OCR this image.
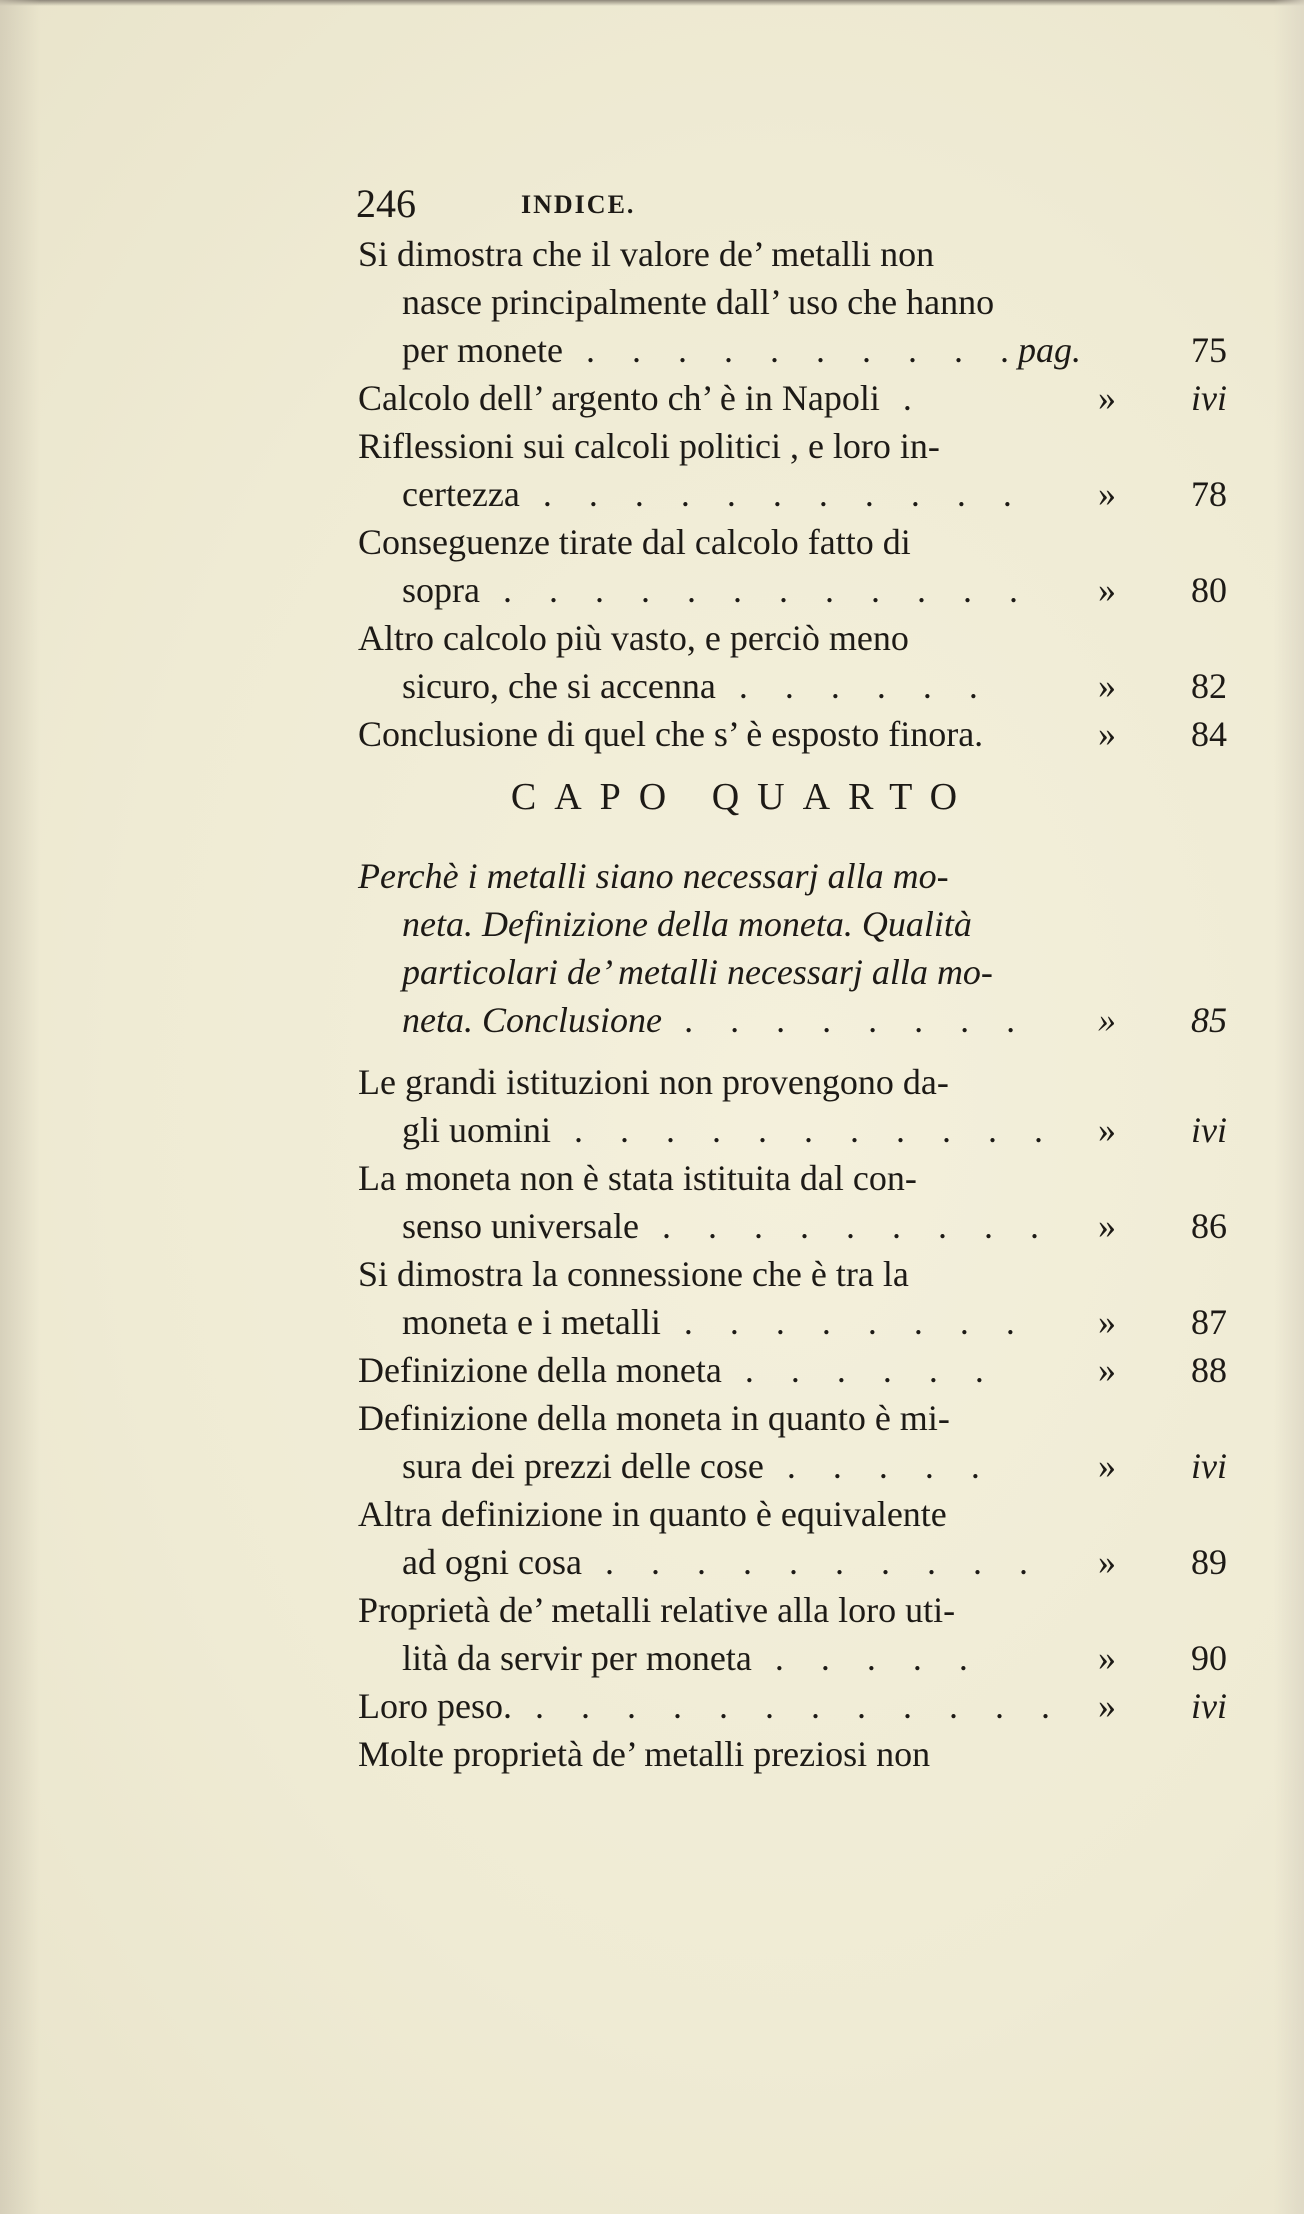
246	INDICE.
Si dimostra che il valore de’ metalli non
nasce principalmente dall’ uso che hanno
per monete . . . . . . . . . .
pag.	75
Calcolo dell’ argento ch’ è in Napoli .	»	ivi
Riflessioni sui calcoli politici , e loro in-
certezza . . . . . . . . . . . »	78
Conseguenze tirate dal calcolo fatto di
sopra . . . . . . . . . . . . »	80
Altro calcolo più vasto, e perciò meno
sicuro, che si accenna . . . . . .	»	82
Conclusione di quel che s’ è esposto finora.	»	84
CAPO QUARTO
Perchè i metalli siano necessarj alla mo-
neta. Definizione della moneta. Qualità
particolari de’ metalli necessarj alla mo-
neta. Conclusione . . . . . . . . »	85
Le grandi istituzioni non provengono da-
gli uomini . . . . . . . . . . . »	ivi
La moneta non è stata istituita dal con-
senso universale . . . . . . . . . »	86
Si dimostra la connessione che è tra la
moneta e i metalli . . . . . . . . »	87
Definizione della moneta . . . . . .	»	88
Definizione della moneta in quanto è mi-
sura dei prezzi delle cose . . . . .	»	ivi
Altra definizione in quanto è equivalente
ad ogni cosa . . . . . . . . . . »	89
Proprietà de’ metalli relative alla loro uti-
lità da servir per moneta . . . . .	»	90
Loro peso. . . . . . . . . . . . . »	ivi
Molte proprietà de’ metalli preziosi non
